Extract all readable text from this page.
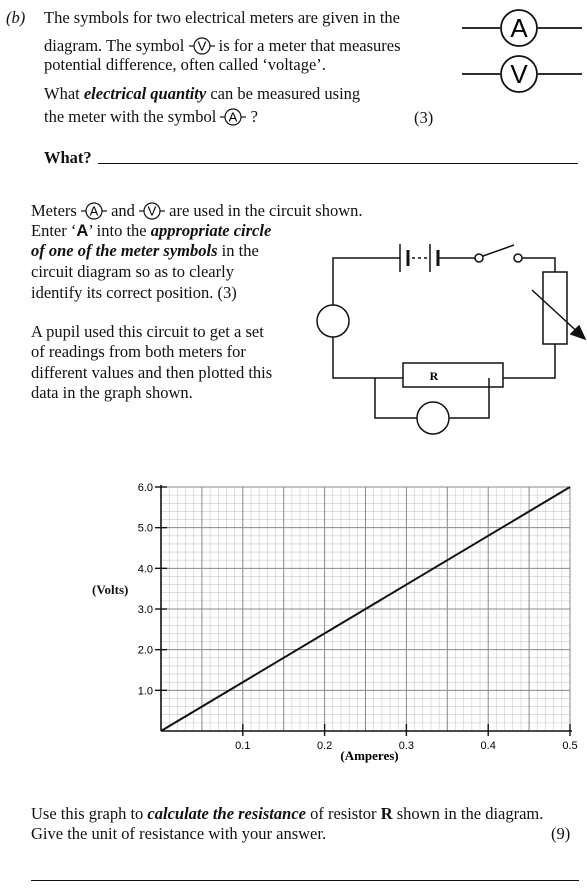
(b) The symbols for two electrical meters are given in the
diagram. The symbol V is for a meter that measures
potential difference, often called ‘voltage’.
What electrical quantity can be measured using
the meter with the symbol A ?	(3)
A
V
What?
Meters A and V are used in the circuit shown.
Enter ‘A’ into the appropriate circle
of one of the meter symbols in the
circuit diagram so as to clearly
identify its correct position. (3)
A pupil used this circuit to get a set
of readings from both meters for
different values and then plotted this
data in the graph shown.
R
(Volts)
1.0
2.0
3.0
4.0
5.0
6.0
0.1	0.2	0.3	0.4	0.5
(Amperes)
Use this graph to calculate the resistance of resistor R shown in the diagram.
Give the unit of resistance with your answer.	(9)
